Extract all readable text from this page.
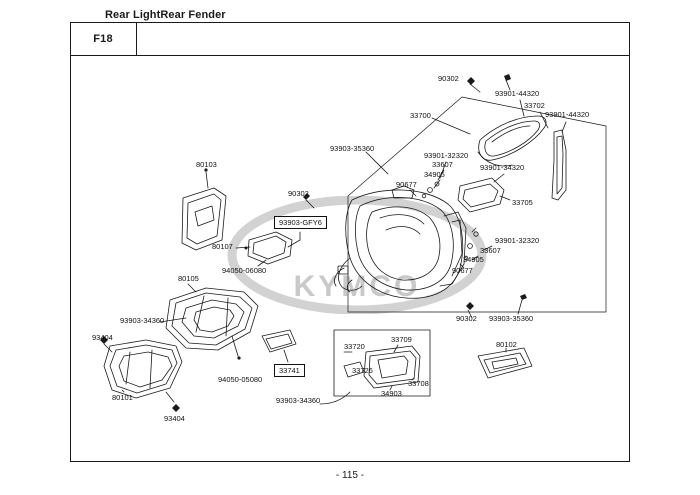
F18
Rear LightRear Fender
KYMCO
90302
93901-44320
33702
93901-44320
33700
93903-35360
93901-32320
33607
34905
93901-34320
90677
33705
80103
90302
93903-GFY6
80107
94050-06080
93901-32320
33607
34905
90677
80105
93903-34360
93404
90302 93903-35360
80102
33709
33720
33726
33708
34903
33741
94050-05080
93903-34360
80101
93404
- 115 -
